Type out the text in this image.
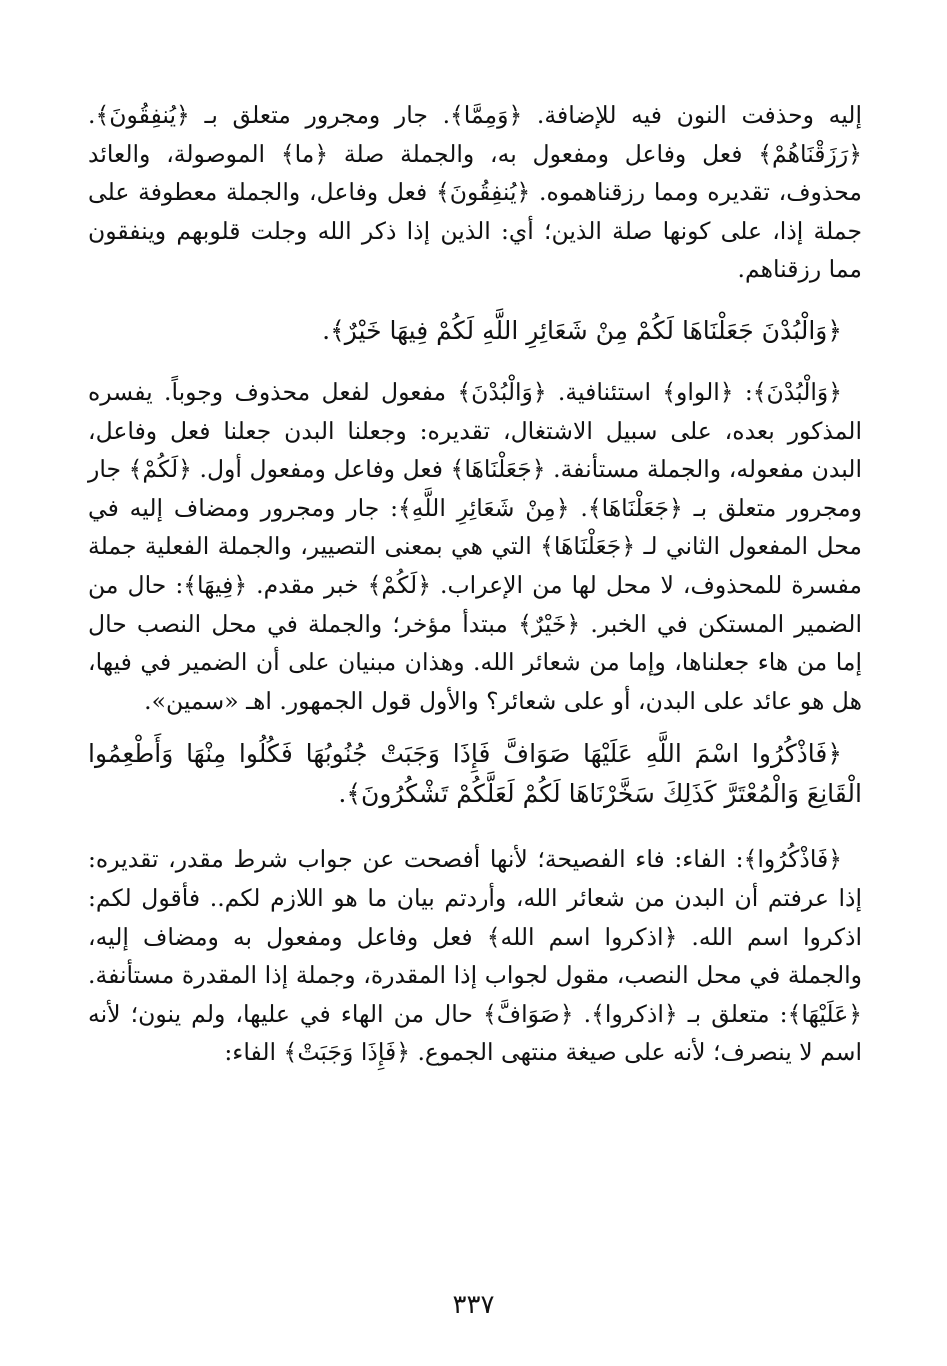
إليه وحذفت النون فيه للإضافة. ﴿وَمِمَّا﴾. جار ومجرور متعلق بـ ﴿يُنفِقُونَ﴾. ﴿رَزَقْنَاهُمْ﴾ فعل وفاعل ومفعول به، والجملة صلة ﴿ما﴾ الموصولة، والعائد محذوف، تقديره ومما رزقناهموه. ﴿يُنفِقُونَ﴾ فعل وفاعل، والجملة معطوفة على جملة إذا، على كونها صلة الذين؛ أي: الذين إذا ذكر الله وجلت قلوبهم وينفقون مما رزقناهم.

﴿وَالْبُدْنَ جَعَلْنَاهَا لَكُمْ مِنْ شَعَائِرِ اللَّهِ لَكُمْ فِيهَا خَيْرٌ﴾.

﴿وَالْبُدْنَ﴾: ﴿الواو﴾ استئنافية. ﴿وَالْبُدْنَ﴾ مفعول لفعل محذوف وجوباً. يفسره المذكور بعده، على سبيل الاشتغال، تقديره: وجعلنا البدن جعلنا فعل وفاعل، البدن مفعوله، والجملة مستأنفة. ﴿جَعَلْنَاهَا﴾ فعل وفاعل ومفعول أول. ﴿لَكُمْ﴾ جار ومجرور متعلق بـ ﴿جَعَلْنَاهَا﴾. ﴿مِنْ شَعَائِرِ اللَّهِ﴾: جار ومجرور ومضاف إليه في محل المفعول الثاني لـ ﴿جَعَلْنَاهَا﴾ التي هي بمعنى التصيير، والجملة الفعلية جملة مفسرة للمحذوف، لا محل لها من الإعراب. ﴿لَكُمْ﴾ خبر مقدم. ﴿فِيهَا﴾: حال من الضمير المستكن في الخبر. ﴿خَيْرٌ﴾ مبتدأ مؤخر؛ والجملة في محل النصب حال إما من هاء جعلناها، وإما من شعائر الله. وهذان مبنيان على أن الضمير في فيها، هل هو عائد على البدن، أو على شعائر؟ والأول قول الجمهور. اهـ «سمين».

﴿فَاذْكُرُوا اسْمَ اللَّهِ عَلَيْهَا صَوَافَّ فَإِذَا وَجَبَتْ جُنُوبُهَا فَكُلُوا مِنْهَا وَأَطْعِمُوا الْقَانِعَ وَالْمُعْتَرَّ كَذَلِكَ سَخَّرْنَاهَا لَكُمْ لَعَلَّكُمْ تَشْكُرُونَ﴾.

﴿فَاذْكُرُوا﴾: الفاء: فاء الفصيحة؛ لأنها أفصحت عن جواب شرط مقدر، تقديره: إذا عرفتم أن البدن من شعائر الله، وأردتم بيان ما هو اللازم لكم.. فأقول لكم: اذكروا اسم الله. ﴿اذكروا اسم الله﴾ فعل وفاعل ومفعول به ومضاف إليه، والجملة في محل النصب، مقول لجواب إذا المقدرة، وجملة إذا المقدرة مستأنفة. ﴿عَلَيْهَا﴾: متعلق بـ ﴿اذكروا﴾. ﴿صَوَافَّ﴾ حال من الهاء في عليها، ولم ينون؛ لأنه اسم لا ينصرف؛ لأنه على صيغة منتهى الجموع. ﴿فَإِذَا وَجَبَتْ﴾ الفاء:

٣٣٧
